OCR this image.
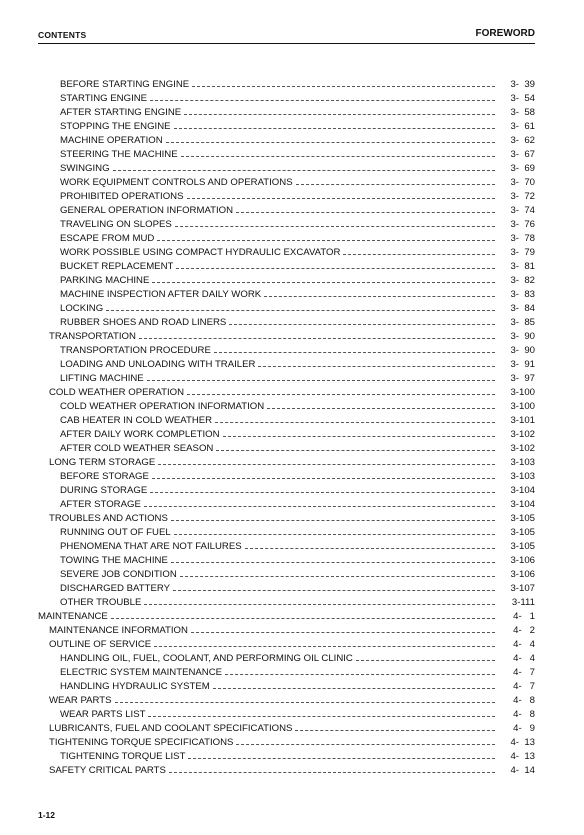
CONTENTS	FOREWORD
BEFORE STARTING ENGINE	3-  39
STARTING ENGINE	3-  54
AFTER STARTING ENGINE	3-  58
STOPPING THE ENGINE	3-  61
MACHINE OPERATION	3-  62
STEERING THE MACHINE	3-  67
SWINGING	3-  69
WORK EQUIPMENT CONTROLS AND OPERATIONS	3-  70
PROHIBITED OPERATIONS	3-  72
GENERAL OPERATION INFORMATION	3-  74
TRAVELING ON SLOPES	3-  76
ESCAPE FROM MUD	3-  78
WORK POSSIBLE USING COMPACT HYDRAULIC EXCAVATOR	3-  79
BUCKET REPLACEMENT	3-  81
PARKING MACHINE	3-  82
MACHINE INSPECTION AFTER DAILY WORK	3-  83
LOCKING	3-  84
RUBBER SHOES AND ROAD LINERS	3-  85
TRANSPORTATION	3-  90
TRANSPORTATION PROCEDURE	3-  90
LOADING AND UNLOADING WITH TRAILER	3-  91
LIFTING MACHINE	3-  97
COLD WEATHER OPERATION	3-100
COLD WEATHER OPERATION INFORMATION	3-100
CAB HEATER IN COLD WEATHER	3-101
AFTER DAILY WORK COMPLETION	3-102
AFTER COLD WEATHER SEASON	3-102
LONG TERM STORAGE	3-103
BEFORE STORAGE	3-103
DURING STORAGE	3-104
AFTER STORAGE	3-104
TROUBLES AND ACTIONS	3-105
RUNNING OUT OF FUEL	3-105
PHENOMENA THAT ARE NOT FAILURES	3-105
TOWING THE MACHINE	3-106
SEVERE JOB CONDITION	3-106
DISCHARGED BATTERY	3-107
OTHER TROUBLE	3-111
MAINTENANCE	4-   1
MAINTENANCE INFORMATION	4-   2
OUTLINE OF SERVICE	4-   4
HANDLING OIL, FUEL, COOLANT, AND PERFORMING OIL CLINIC	4-   4
ELECTRIC SYSTEM MAINTENANCE	4-   7
HANDLING HYDRAULIC SYSTEM	4-   7
WEAR PARTS	4-   8
WEAR PARTS LIST	4-   8
LUBRICANTS, FUEL AND COOLANT SPECIFICATIONS	4-   9
TIGHTENING TORQUE SPECIFICATIONS	4-  13
TIGHTENING TORQUE LIST	4-  13
SAFETY CRITICAL PARTS	4-  14
1-12
